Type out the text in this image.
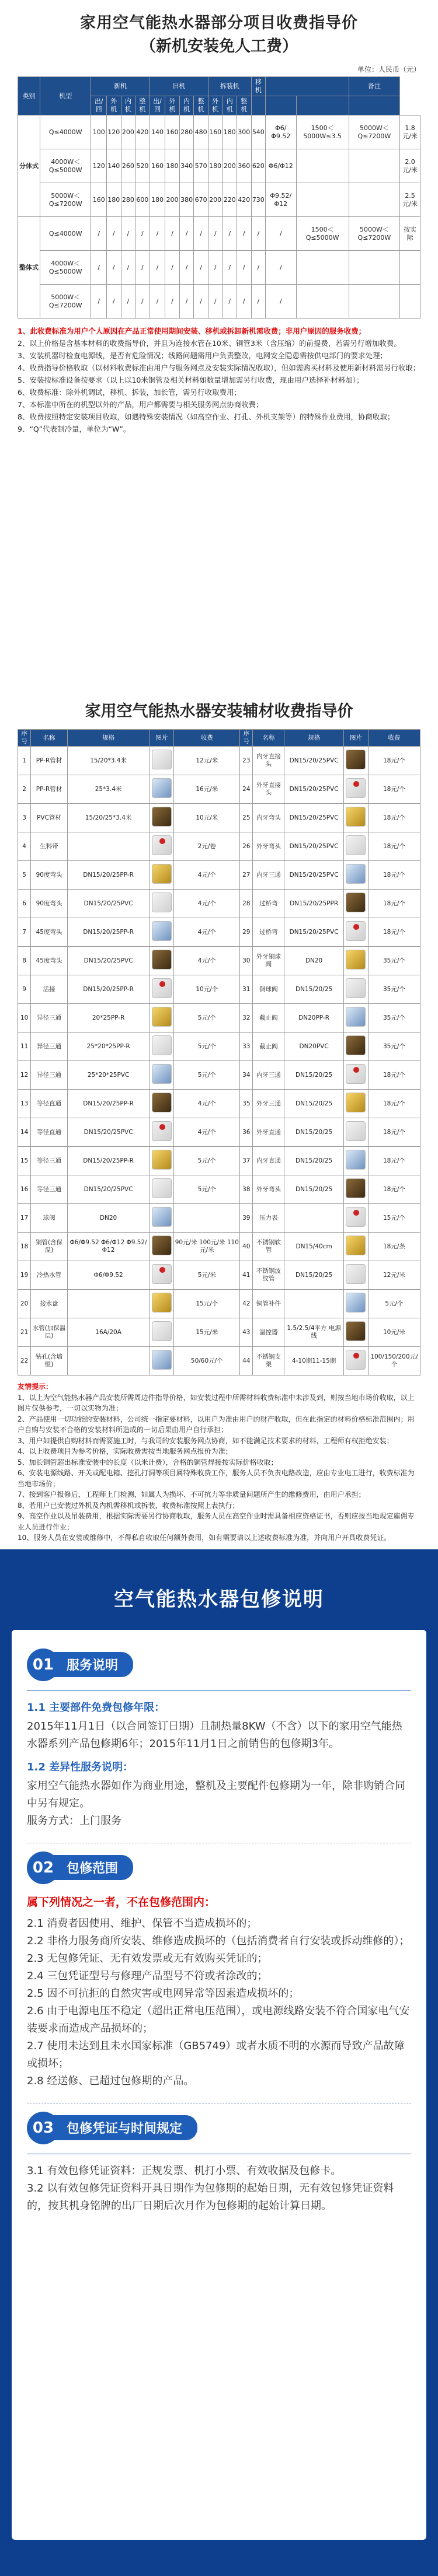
家用空气能热水器部分项目收费指导价
（新机安装免人工费）
单位：人民币（元）
类别	机型	新机				旧机				拆装机			移机			备注	
		出/回	外机	内机	整机	出/回	外机	内机	整机	外机	内机	整机					
分体式	Q≤4000W	100	120	200	420	140	160	280	480	160	180	300	540	Φ6/Φ9.52	1500＜5000W≤3.5	5000W＜Q≤7200W	1.8元/米
	4000W＜Q≤5000W	120	140	260	520	160	180	340	570	180	200	360	620	Φ6/Φ12			2.0元/米
	5000W＜Q≤7200W	160	180	280	600	180	200	380	670	200	220	420	730	Φ9.52/Φ12			2.5元/米
整体式	Q≤4000W	/	/	/	/	/	/	/	/	/	/	/	/	/	1500＜Q≤5000W	5000W＜Q≤7200W	按实际
	4000W＜Q≤5000W	/	/	/	/	/	/	/	/	/	/	/	/	/			
	5000W＜Q≤7200W	/	/	/	/	/	/	/	/	/	/	/	/	/			

1、此收费标准为用户个人原因在产品正常使用期间安装、移机或拆卸新机需收费；非用户原因的服务收费；

2、以上价格是含基本材料的收费指导价，并且为连接水管在10米、铜管3米（含压缩）的前提费，若需另行增加收费。

3、安装机器时检查电源线，是否有危险情况；线路问题需用户负责整改，电网安全隐患需按供电部门的要求处理；

4、收费指导价格收取（以材料收费标准由用户与服务网点及安装实际情况收取），但如需购买材料及使用新材料需另行收取；

5、安装按标准设备按要求（以上以10米铜管及相关材料如数量增加需另行收费，现由用户选择补材料加）；

6、收费标准：除外机调试，移机、拆装，加长管，需另行收取费用；

7、本标准中所在的机型以外的产品，用户都需要与相关服务网点协商收费；

8、收费按照特定安装项目收取，如遇特殊安装情况（如高空作业、打孔、外机支架等）的特殊作业费用，协商收取；

9、“Q”代表制冷量，单位为“W”。

家用空气能热水器安装辅材收费指导价
序号	名称	规格	图片	收费	序号	名称	规格	图片	收费
1	PP-R管材	15/20*3.4米		12元/米	23	内牙直接头	DN15/20/25PVC		18元/个
2	PP-R管材	25*3.4米		16元/米	24	外牙直接头	DN15/20/25PVC		18元/个
3	PVC管材	15/20/25*3.4米		10元/米	25	内牙弯头	DN15/20/25PVC		18元/个
4	生料带			2元/卷	26	外牙弯头	DN15/20/25PVC		18元/个
5	90度弯头	DN15/20/25PP-R		4元/个	27	内牙三通	DN15/20/25PVC		18元/个
6	90度弯头	DN15/20/25PVC		4元/个	28	过桥弯	DN15/20/25PPR		18元/个
7	45度弯头	DN15/20/25PP-R		4元/个	29	过桥弯	DN15/20/25PVC		18元/个
8	45度弯头	DN15/20/25PVC		4元/个	30	外牙铜球阀	DN20		35元/个
9	活接	DN15/20/25PP-R		10元/个	31	铜球阀	DN15/20/25		35元/个
10	异径三通	20*25PP-R		5元/个	32	截止阀	DN20PP-R		35元/个
11	异径三通	25*20*25PP-R		5元/个	33	截止阀	DN20PVC		35元/个
12	异径三通	25*20*25PVC		5元/个	34	内牙三通	DN15/20/25		18元/个
13	等径直通	DN15/20/25PP-R		4元/个	35	外牙三通	DN15/20/25		18元/个
14	等径直通	DN15/20/25PVC		4元/个	36	外牙直通	DN15/20/25		18元/个
15	等径三通	DN15/20/25PP-R		5元/个	37	内牙直通	DN15/20/25		18元/个
16	等径三通	DN15/20/25PVC		5元/个	38	外牙弯头	DN15/20/25		18元/个
17	球阀	DN20			39	压力表			15元/个
18	铜管(含保温)	Φ6/Φ9.52 Φ6/Φ12 Φ9.52/Φ12		90元/米 100元/米 110元/米	40	不锈钢软管	DN15/40cm		18元/条
19	冷热水管	Φ6/Φ9.52		5元/米	41	不锈钢波纹管	DN15/20/25		12元/米
20	接水盘			15元/个	42	铜管补件			5元/个
21	水管(加保温层)	16A/20A		15元/米	43	温控器	1.5/2.5/4平方 电源线		10元/米
22	钻孔(含墙壁)			50/60元/个	44	不锈钢支架	4-10期11-15期		100/150/200元/个
友情提示：

1、以上为空气能热水器产品安装所需周边件指导价格，如安装过程中所需材料收费标准中未涉及到，则按当地市场价收取，以上图片仅供参考，一切以实物为准；

2、产品使用一切功能的安装材料，公司统一指定要材料，以用户为准由用户的财产收取，但在此指定的材料价格标准范围内；用户自购与安装不合格的安装材料所造成的一切后果由用户自行承担；

3、用户如提供自购材料而需要施工时，与我司的安装服务网点协商，如不能满足技术要求的材料，工程师有权拒绝安装；

4、以上收费项目为参考价格，实际收费需按当地服务网点报价为准；

5、加长铜管超出标准安装中的长度（以米计费），合格的铜管焊接按实际价格收取；

6、安装电源线路、开关或配电箱、挖孔打洞等项目属特殊收费工作，服务人员不负责电路改造，应由专业电工进行，收费标准为当地市场价；

7、接到客户报修后，工程师上门检测，如属人为损坏、不可抗力等非质量问题所产生的维修费用，由用户承担；

8、若用户已安装过外机及内机需移机或拆装，收费标准按照上表执行；

9、高空作业以及吊装费用，根据实际需要另行协商收取，服务人员在高空作业时需具备相应资格证书，否则应按当地规定雇佣专业人员进行作业；

10、服务人员在安装或维修中，不得私自收取任何额外费用，如有需要请以上述收费标准为准，并向用户开具收费凭证。

空气能热水器包修说明
01 服务说明
1.1 主要部件免费包修年限：
2015年11月1日（以合同签订日期）且制热量8KW（不含）以下的家用空气能热水器系列产品包修期6年；2015年11月1日之前销售的包修期3年。
1.2 差异性服务说明：
家用空气能热水器如作为商业用途，整机及主要配件包修期为一年，除非购销合同中另有规定。
服务方式：上门服务
02 包修范围
属下列情况之一者，不在包修范围内：

2.1 消费者因使用、维护、保管不当造成损坏的；

2.2 非格力服务商所安装、维修造成损坏的（包括消费者自行安装或拆动维修的）；

2.3 无包修凭证、无有效发票或无有效购买凭证的；

2.4 三包凭证型号与修理产品型号不符或者涂改的；

2.5 因不可抗拒的自然灾害或电网异常等因素造成损坏的；

2.6 由于电源电压不稳定（超出正常电压范围），或电源线路安装不符合国家电气安装要求而造成产品损坏的；

2.7 使用未达到且未水国家标准（GB5749）或者水质不明的水源而导致产品故障或损坏；

2.8 经送修、已超过包修期的产品。

03 包修凭证与时间规定

3.1 有效包修凭证资料：正规发票、机打小票、有效收据及包修卡。

3.2 以有效包修凭证资料开具日期作为包修期的起始日期，无有效包修凭证资料的，按其机身铭牌的出厂日期后次月作为包修期的起始计算日期。
